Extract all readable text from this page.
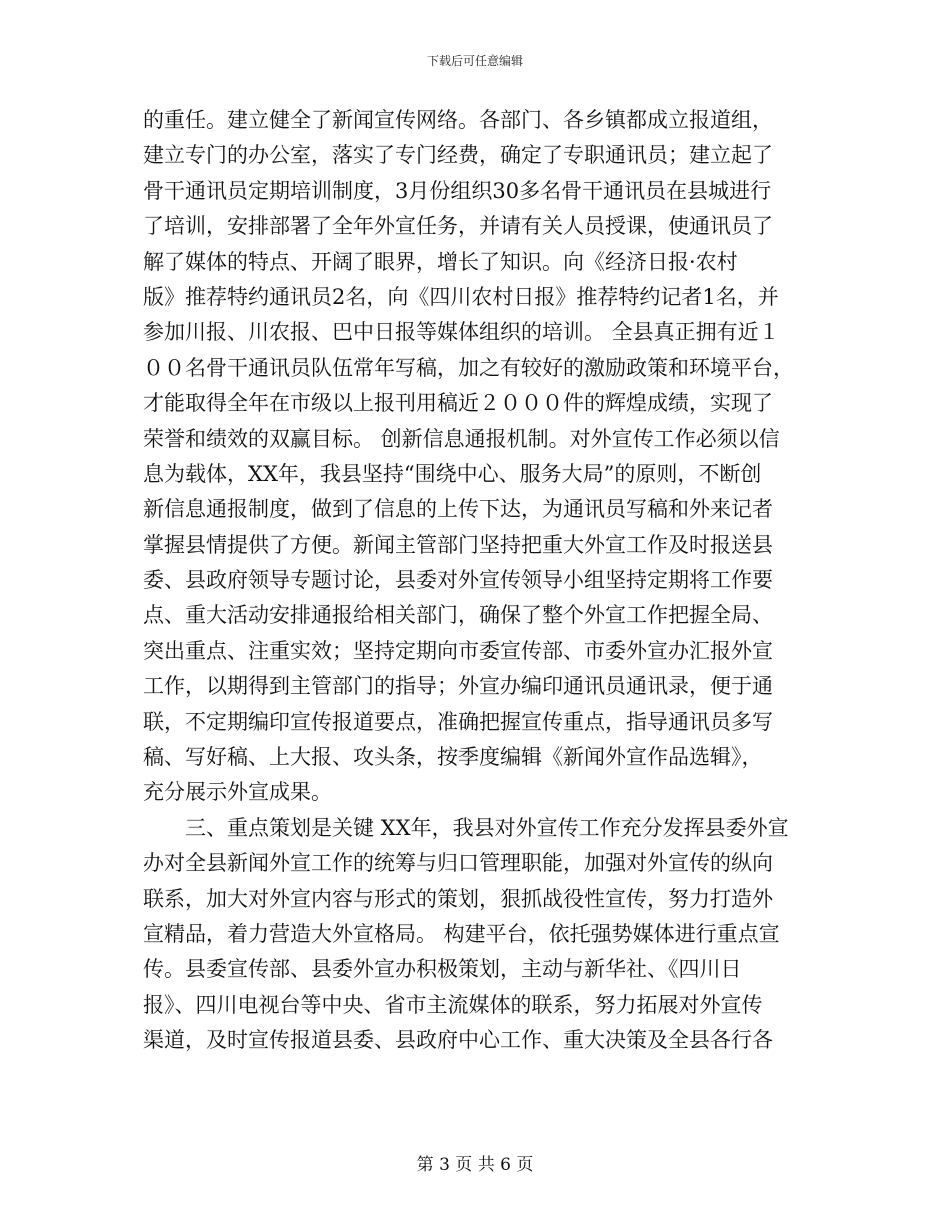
下载后可任意编辑
的重任。建立健全了新闻宣传网络。各部门、各乡镇都成立报道组，
建立专门的办公室，落实了专门经费，确定了专职通讯员；建立起了
骨干通讯员定期培训制度，3月份组织30多名骨干通讯员在县城进行
了培训，安排部署了全年外宣任务，并请有关人员授课，使通讯员了
解了媒体的特点、开阔了眼界，增长了知识。向《经济日报·农村
版》推荐特约通讯员2名，向《四川农村日报》推荐特约记者1名，并
参加川报、川农报、巴中日报等媒体组织的培训。 全县真正拥有近１
００名骨干通讯员队伍常年写稿，加之有较好的激励政策和环境平台，
才能取得全年在市级以上报刊用稿近２０００件的辉煌成绩，实现了
荣誉和绩效的双赢目标。 创新信息通报机制。对外宣传工作必须以信
息为载体，XX年，我县坚持“围绕中心、服务大局”的原则，不断创
新信息通报制度，做到了信息的上传下达，为通讯员写稿和外来记者
掌握县情提供了方便。新闻主管部门坚持把重大外宣工作及时报送县
委、县政府领导专题讨论，县委对外宣传领导小组坚持定期将工作要
点、重大活动安排通报给相关部门，确保了整个外宣工作把握全局、
突出重点、注重实效；坚持定期向市委宣传部、市委外宣办汇报外宣
工作，以期得到主管部门的指导；外宣办编印通讯员通讯录，便于通
联，不定期编印宣传报道要点，准确把握宣传重点，指导通讯员多写
稿、写好稿、上大报、攻头条，按季度编辑《新闻外宣作品选辑》，
充分展示外宣成果。
　　三、重点策划是关键 XX年，我县对外宣传工作充分发挥县委外宣
办对全县新闻外宣工作的统筹与归口管理职能，加强对外宣传的纵向
联系，加大对外宣内容与形式的策划，狠抓战役性宣传，努力打造外
宣精品，着力营造大外宣格局。 构建平台，依托强势媒体进行重点宣
传。县委宣传部、县委外宣办积极策划，主动与新华社、《四川日
报》、四川电视台等中央、省市主流媒体的联系，努力拓展对外宣传
渠道，及时宣传报道县委、县政府中心工作、重大决策及全县各行各
第 3 页 共 6 页
